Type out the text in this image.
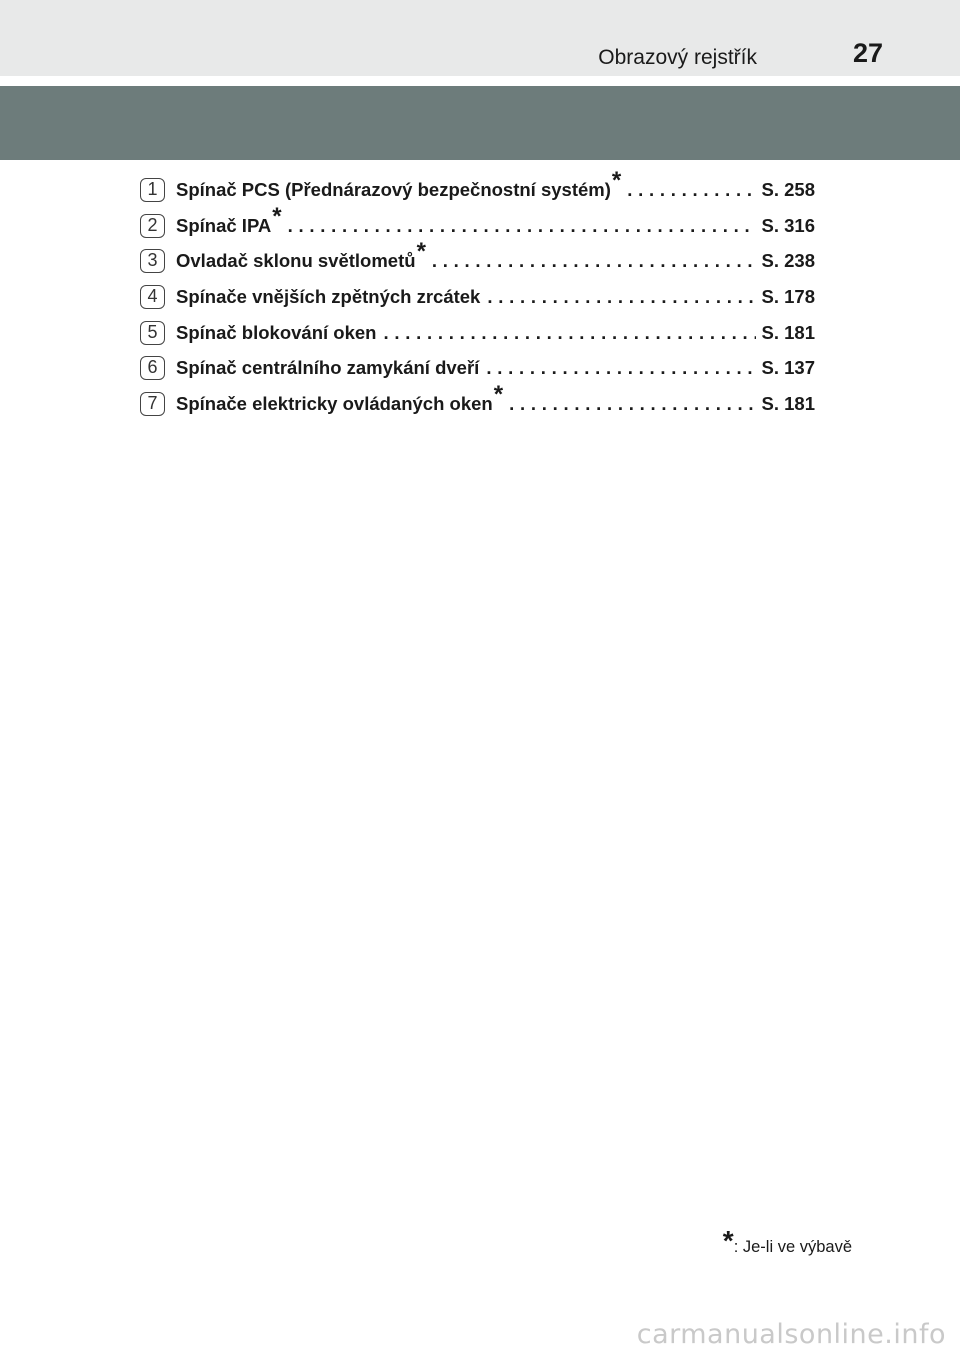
Obrazový rejstřík	27
1	Spínač PCS (Přednárazový bezpečnostní systém) * . . .	S. 258
2	Spínač IPA * . . .	S. 316
3	Ovladač sklonu světlometů * . . .	S. 238
4	Spínače vnějších zpětných zrcátek . . .	S. 178
5	Spínač blokování oken . . .	S. 181
6	Spínač centrálního zamykání dveří . . .	S. 137
7	Spínače elektricky ovládaných oken * . . .	S. 181
*: Je-li ve výbavě
carmanualsonline.info
